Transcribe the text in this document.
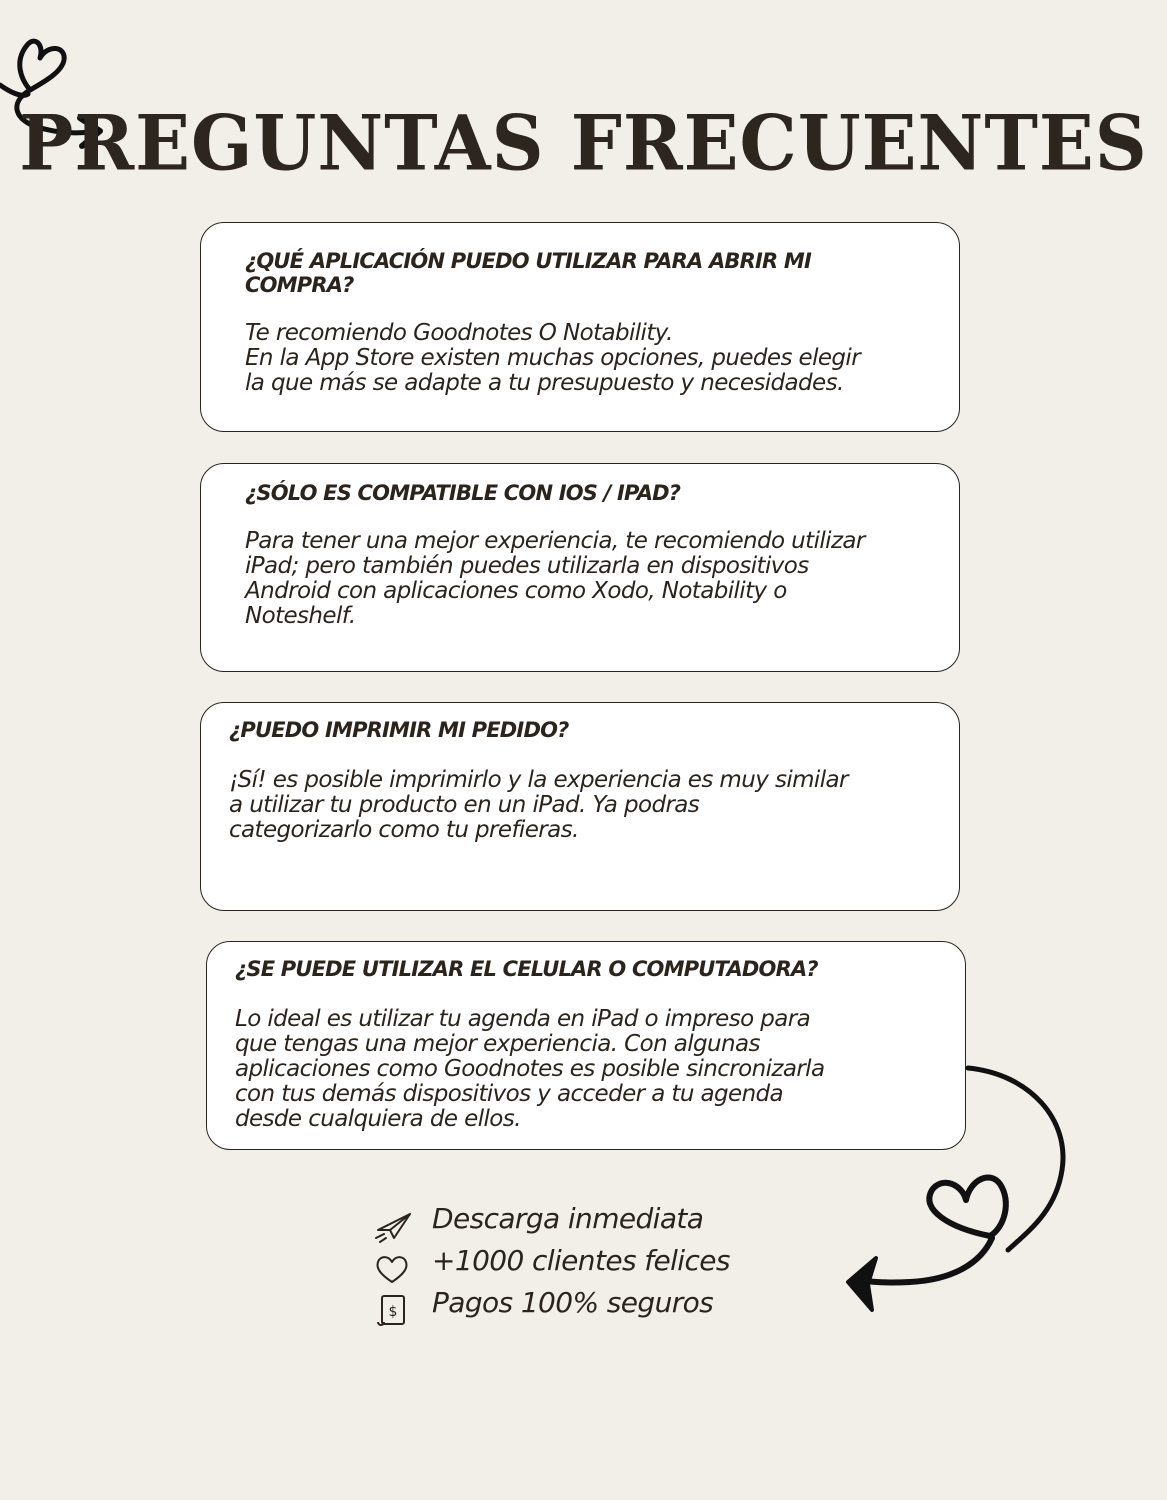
PREGUNTAS FRECUENTES

¿QUÉ APLICACIÓN PUEDO UTILIZAR PARA ABRIR MI COMPRA?

Te recomiendo Goodnotes O Notability.
En la App Store existen muchas opciones, puedes elegir
la que más se adapte a tu presupuesto y necesidades.

¿SÓLO ES COMPATIBLE CON IOS / IPAD?

Para tener una mejor experiencia, te recomiendo utilizar
iPad; pero también puedes utilizarla en dispositivos
Android con aplicaciones como Xodo, Notability o
Noteshelf.

¿PUEDO IMPRIMIR MI PEDIDO?

¡Sí! es posible imprimirlo y la experiencia es muy similar
a utilizar tu producto en un iPad. Ya podras
categorizarlo como tu prefieras.

¿SE PUEDE UTILIZAR EL CELULAR O COMPUTADORA?

Lo ideal es utilizar tu agenda en iPad o impreso para
que tengas una mejor experiencia. Con algunas
aplicaciones como Goodnotes es posible sincronizarla
con tus demás dispositivos y acceder a tu agenda
desde cualquiera de ellos.
Descarga inmediata
+1000 clientes felices
$ Pagos 100% seguros
